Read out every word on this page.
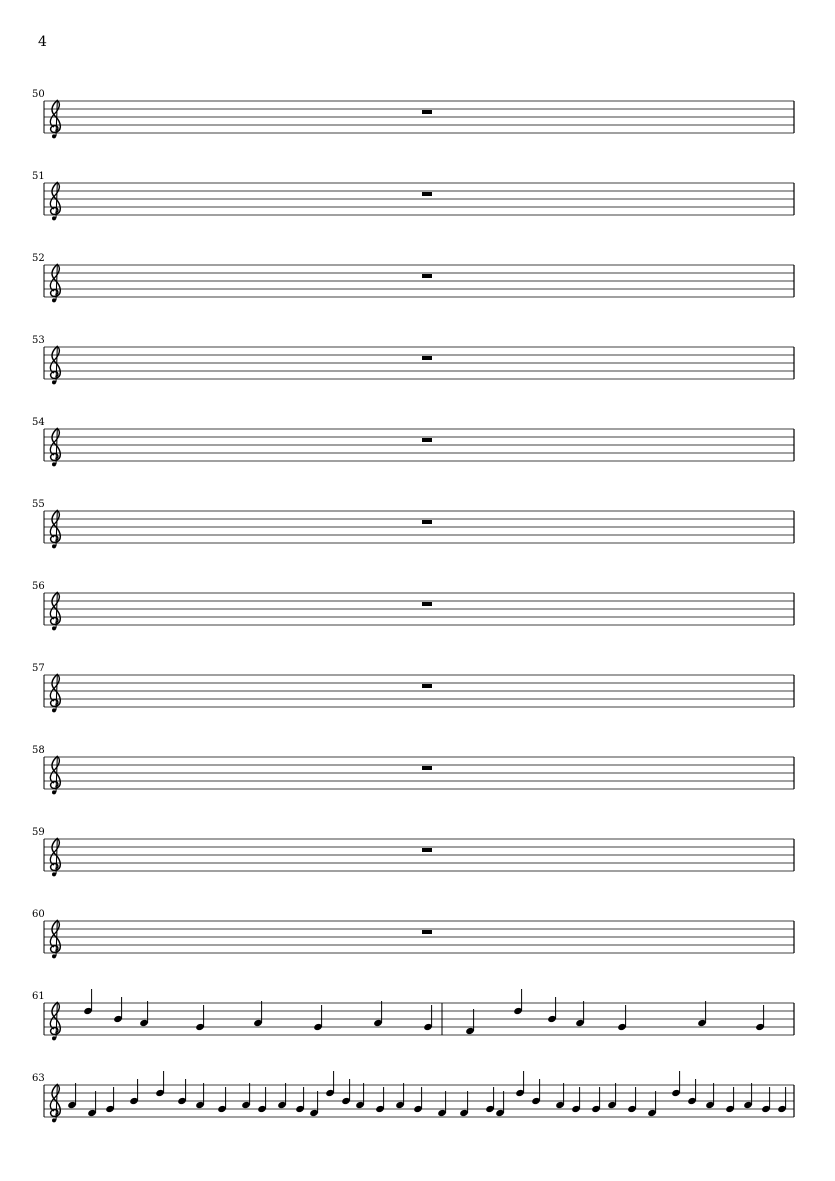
4
50
51
52
53
54
55
56
57
58
59
60
61
63
